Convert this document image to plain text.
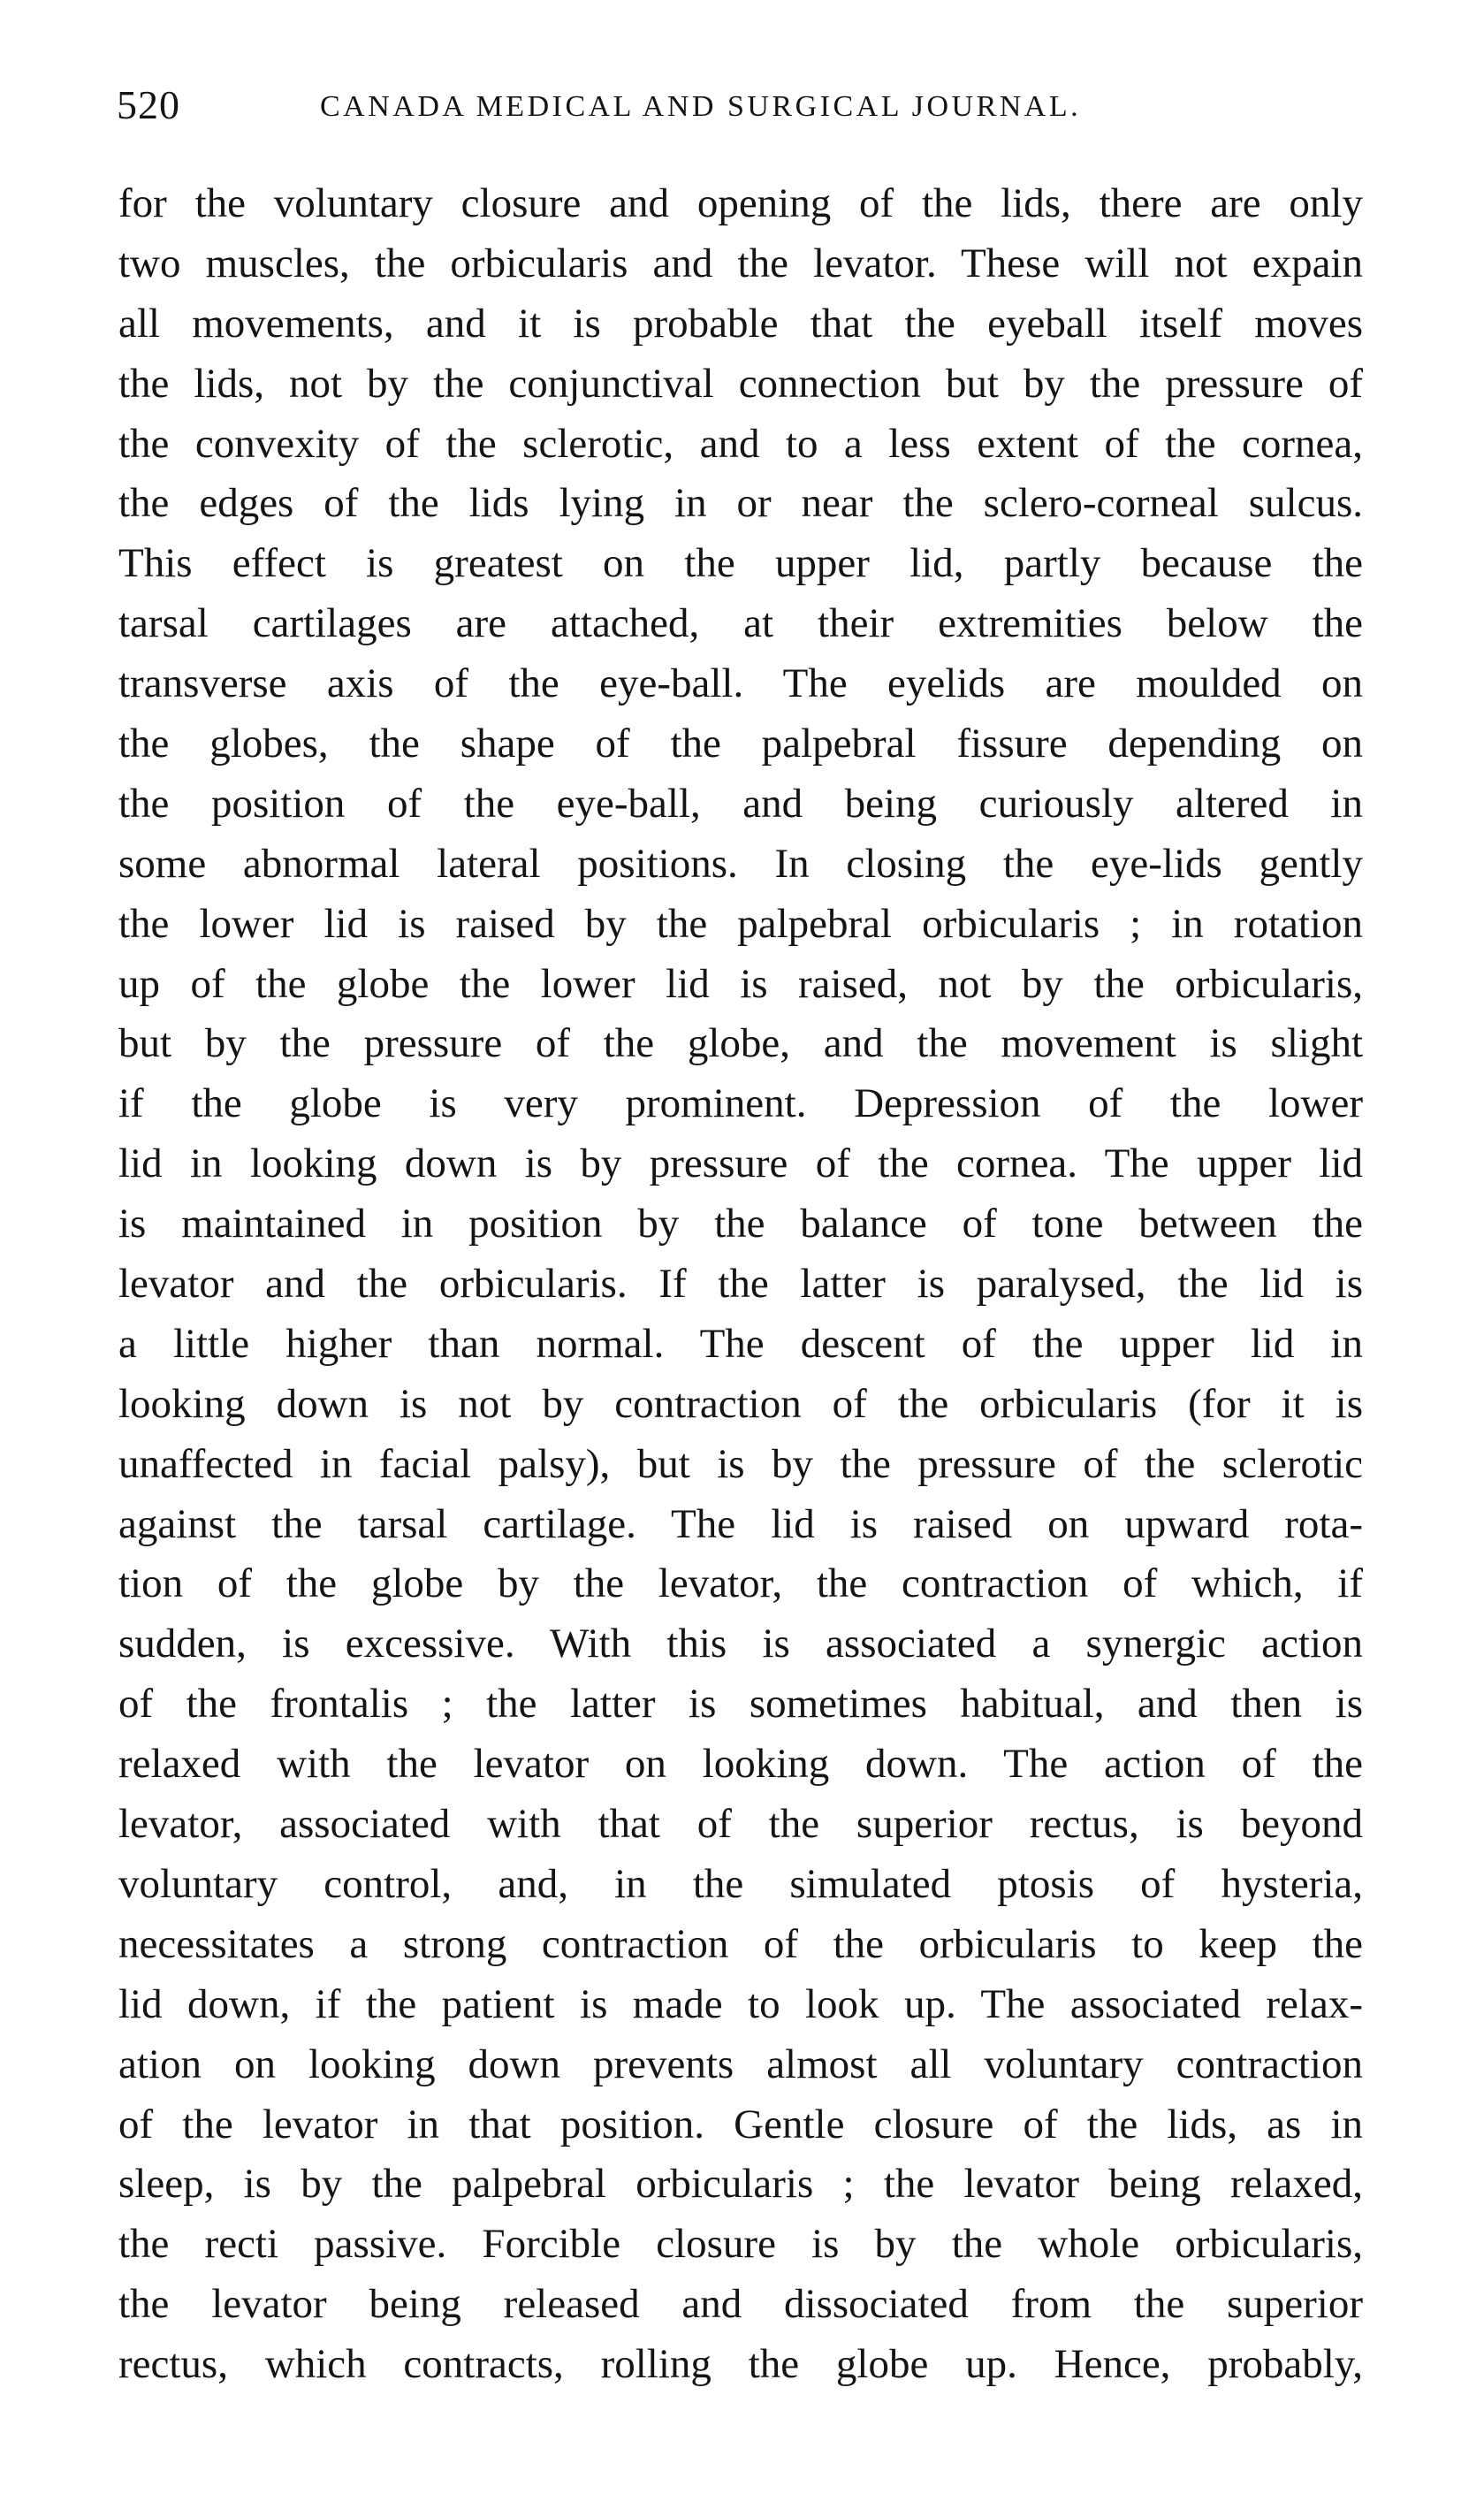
520	CANADA MEDICAL AND SURGICAL JOURNAL.
for the voluntary closure and opening of the lids, there are only
two muscles, the orbicularis and the levator. These will not expain
all movements, and it is probable that the eyeball itself moves
the lids, not by the conjunctival connection but by the pressure of
the convexity of the sclerotic, and to a less extent of the cornea,
the edges of the lids lying in or near the sclero-corneal sulcus.
This effect is greatest on the upper lid, partly because the
tarsal cartilages are attached, at their extremities below the
transverse axis of the eye-ball. The eyelids are moulded on
the globes, the shape of the palpebral fissure depending on
the position of the eye-ball, and being curiously altered in
some abnormal lateral positions. In closing the eye-lids gently
the lower lid is raised by the palpebral orbicularis ; in rotation
up of the globe the lower lid is raised, not by the orbicularis,
but by the pressure of the globe, and the movement is slight
if the globe is very prominent. Depression of the lower
lid in looking down is by pressure of the cornea. The upper lid
is maintained in position by the balance of tone between the
levator and the orbicularis. If the latter is paralysed, the lid is
a little higher than normal. The descent of the upper lid in
looking down is not by contraction of the orbicularis (for it is
unaffected in facial palsy), but is by the pressure of the sclerotic
against the tarsal cartilage. The lid is raised on upward rota-
tion of the globe by the levator, the contraction of which, if
sudden, is excessive. With this is associated a synergic action
of the frontalis ; the latter is sometimes habitual, and then is
relaxed with the levator on looking down. The action of the
levator, associated with that of the superior rectus, is beyond
voluntary control, and, in the simulated ptosis of hysteria,
necessitates a strong contraction of the orbicularis to keep the
lid down, if the patient is made to look up. The associated relax-
ation on looking down prevents almost all voluntary contraction
of the levator in that position. Gentle closure of the lids, as in
sleep, is by the palpebral orbicularis ; the levator being relaxed,
the recti passive. Forcible closure is by the whole orbicularis,
the levator being released and dissociated from the superior
rectus, which contracts, rolling the globe up. Hence, probably,
